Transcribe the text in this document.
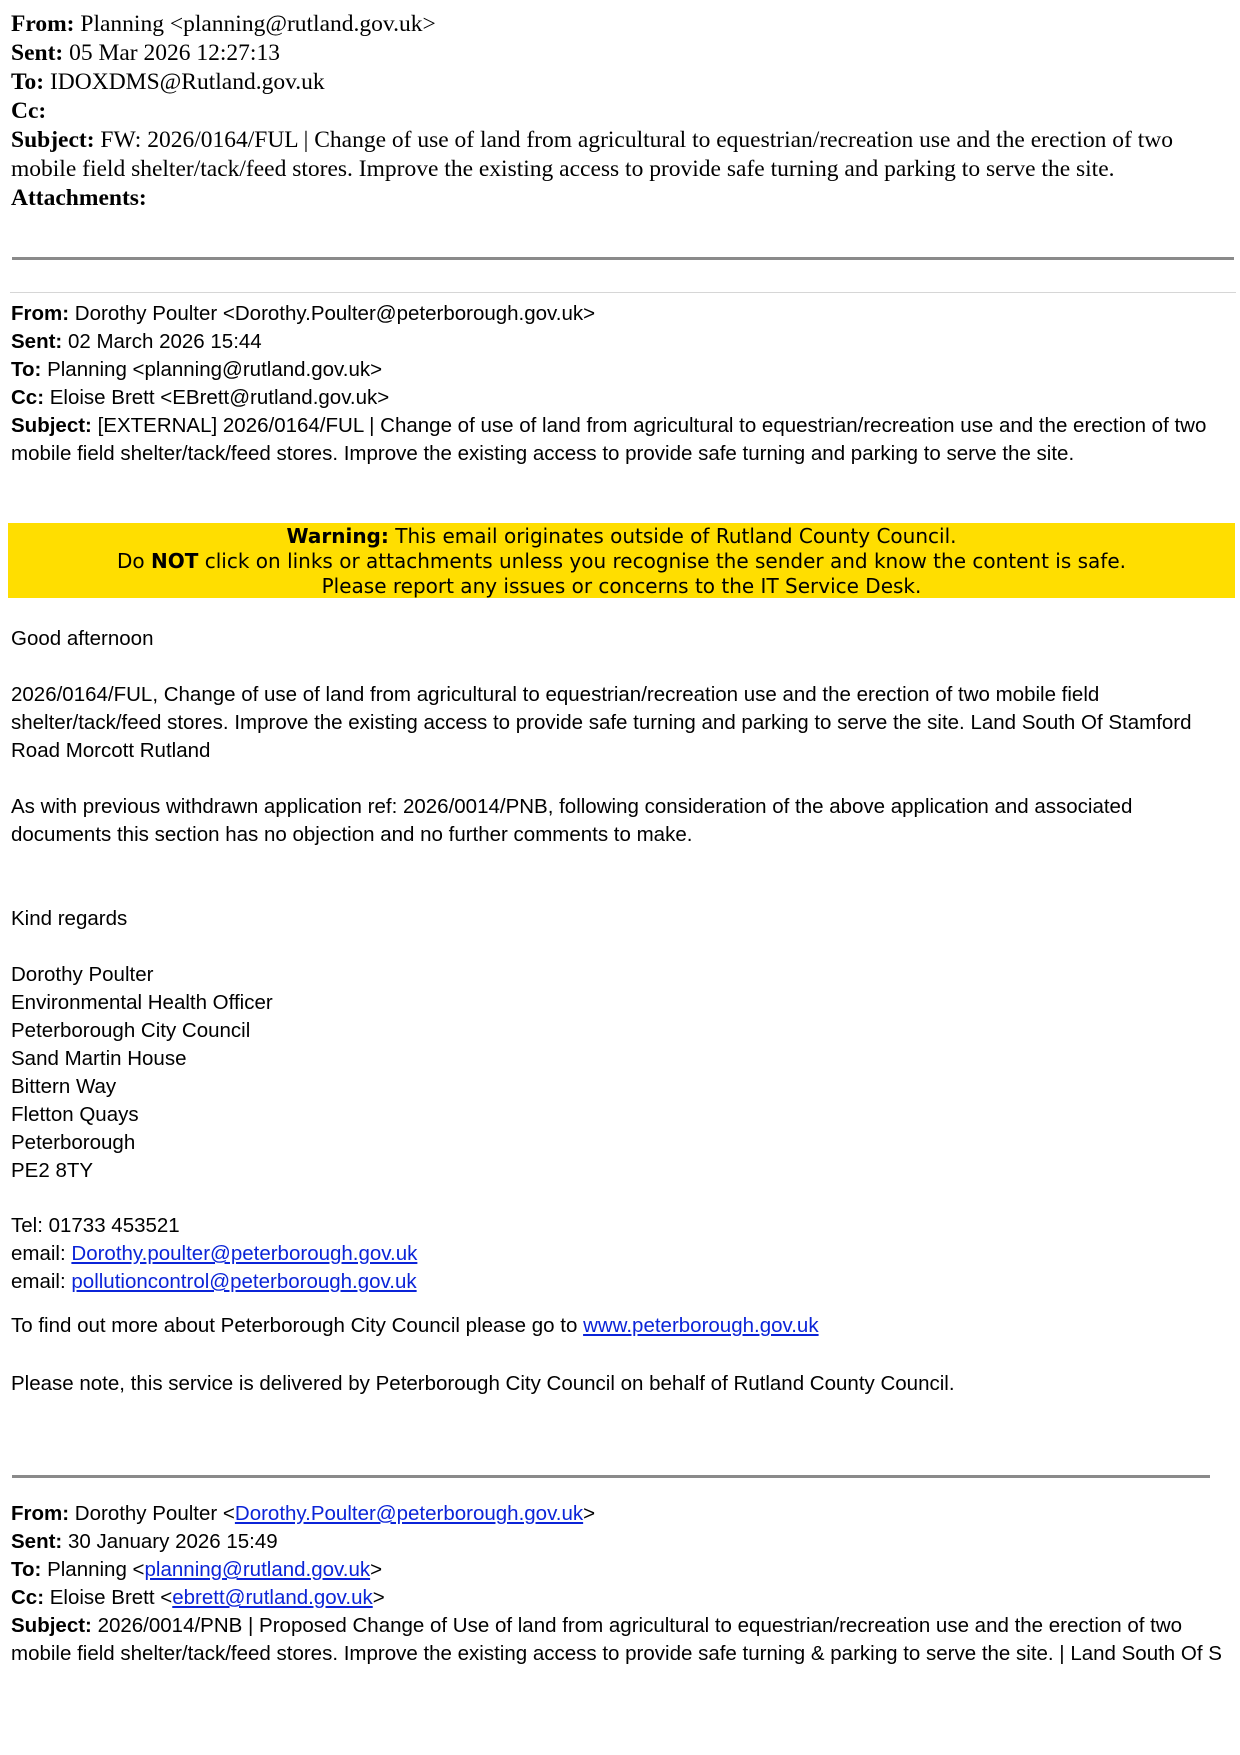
From: Planning <planning@rutland.gov.uk>
Sent: 05 Mar 2026 12:27:13
To: IDOXDMS@Rutland.gov.uk
Cc:
Subject: FW: 2026/0164/FUL | Change of use of land from agricultural to equestrian/recreation use and the erection of two mobile field shelter/tack/feed stores. Improve the existing access to provide safe turning and parking to serve the site.
Attachments:
From: Dorothy Poulter <Dorothy.Poulter@peterborough.gov.uk>
Sent: 02 March 2026 15:44
To: Planning <planning@rutland.gov.uk>
Cc: Eloise Brett <EBrett@rutland.gov.uk>
Subject: [EXTERNAL] 2026/0164/FUL | Change of use of land from agricultural to equestrian/recreation use and the erection of two mobile field shelter/tack/feed stores. Improve the existing access to provide safe turning and parking to serve the site.
Warning: This email originates outside of Rutland County Council.
Do NOT click on links or attachments unless you recognise the sender and know the content is safe.
Please report any issues or concerns to the IT Service Desk.
Good afternoon
2026/0164/FUL, Change of use of land from agricultural to equestrian/recreation use and the erection of two mobile field shelter/tack/feed stores. Improve the existing access to provide safe turning and parking to serve the site. Land South Of Stamford Road Morcott Rutland
As with previous withdrawn application ref: 2026/0014/PNB, following consideration of the above application and associated documents this section has no objection and no further comments to make.
Kind regards
Dorothy Poulter
Environmental Health Officer
Peterborough City Council
Sand Martin House
Bittern Way
Fletton Quays
Peterborough
PE2 8TY
Tel: 01733 453521
email: Dorothy.poulter@peterborough.gov.uk
email: pollutioncontrol@peterborough.gov.uk
To find out more about Peterborough City Council please go to www.peterborough.gov.uk
Please note, this service is delivered by Peterborough City Council on behalf of Rutland County Council.
From: Dorothy Poulter <Dorothy.Poulter@peterborough.gov.uk>
Sent: 30 January 2026 15:49
To: Planning <planning@rutland.gov.uk>
Cc: Eloise Brett <ebrett@rutland.gov.uk>
Subject: 2026/0014/PNB | Proposed Change of Use of land from agricultural to equestrian/recreation use and the erection of two mobile field shelter/tack/feed stores. Improve the existing access to provide safe turning & parking to serve the site. | Land South Of S
